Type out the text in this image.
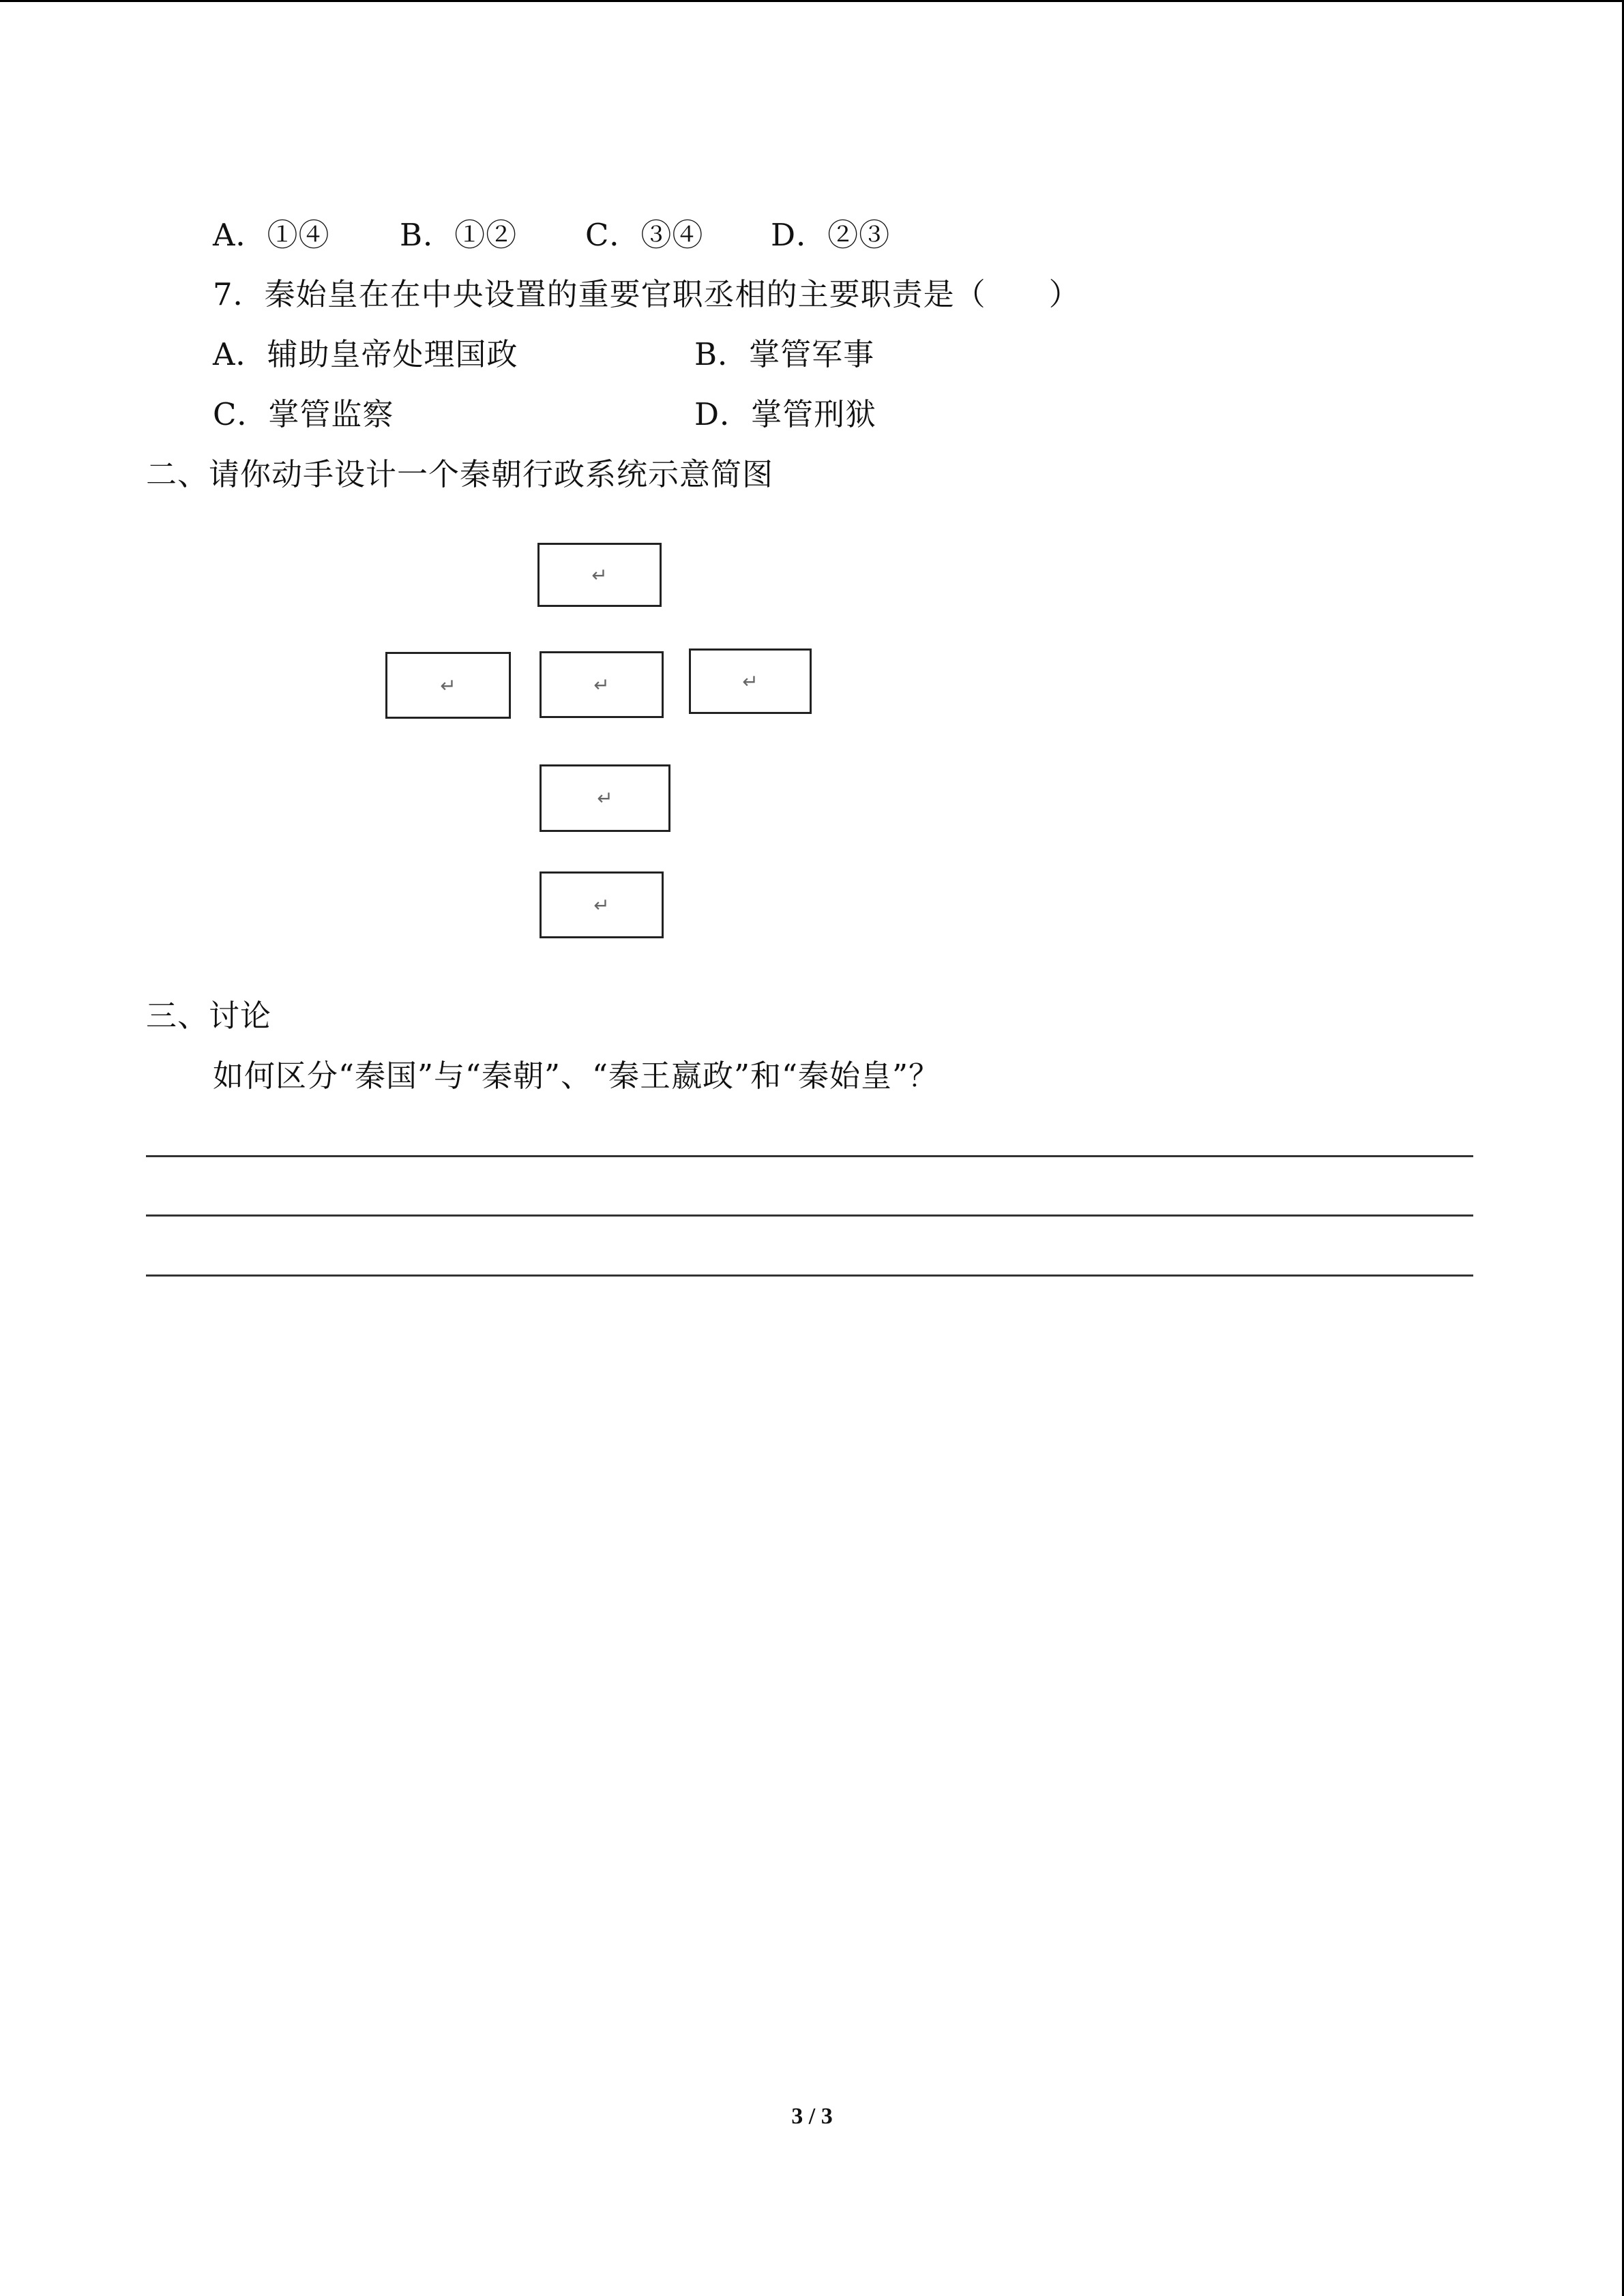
A．①④ B．①② C．③④ D．②③
7．秦始皇在在中央设置的重要官职丞相的主要职责是（　　）
A．辅助皇帝处理国政	B．掌管军事
C．掌管监察	D．掌管刑狱
二、请你动手设计一个秦朝行政系统示意简图
↵
↵	↵	↵
↵
↵
三、讨论
如何区分“秦国”与“秦朝”、“秦王嬴政”和“秦始皇”？
3 / 3
